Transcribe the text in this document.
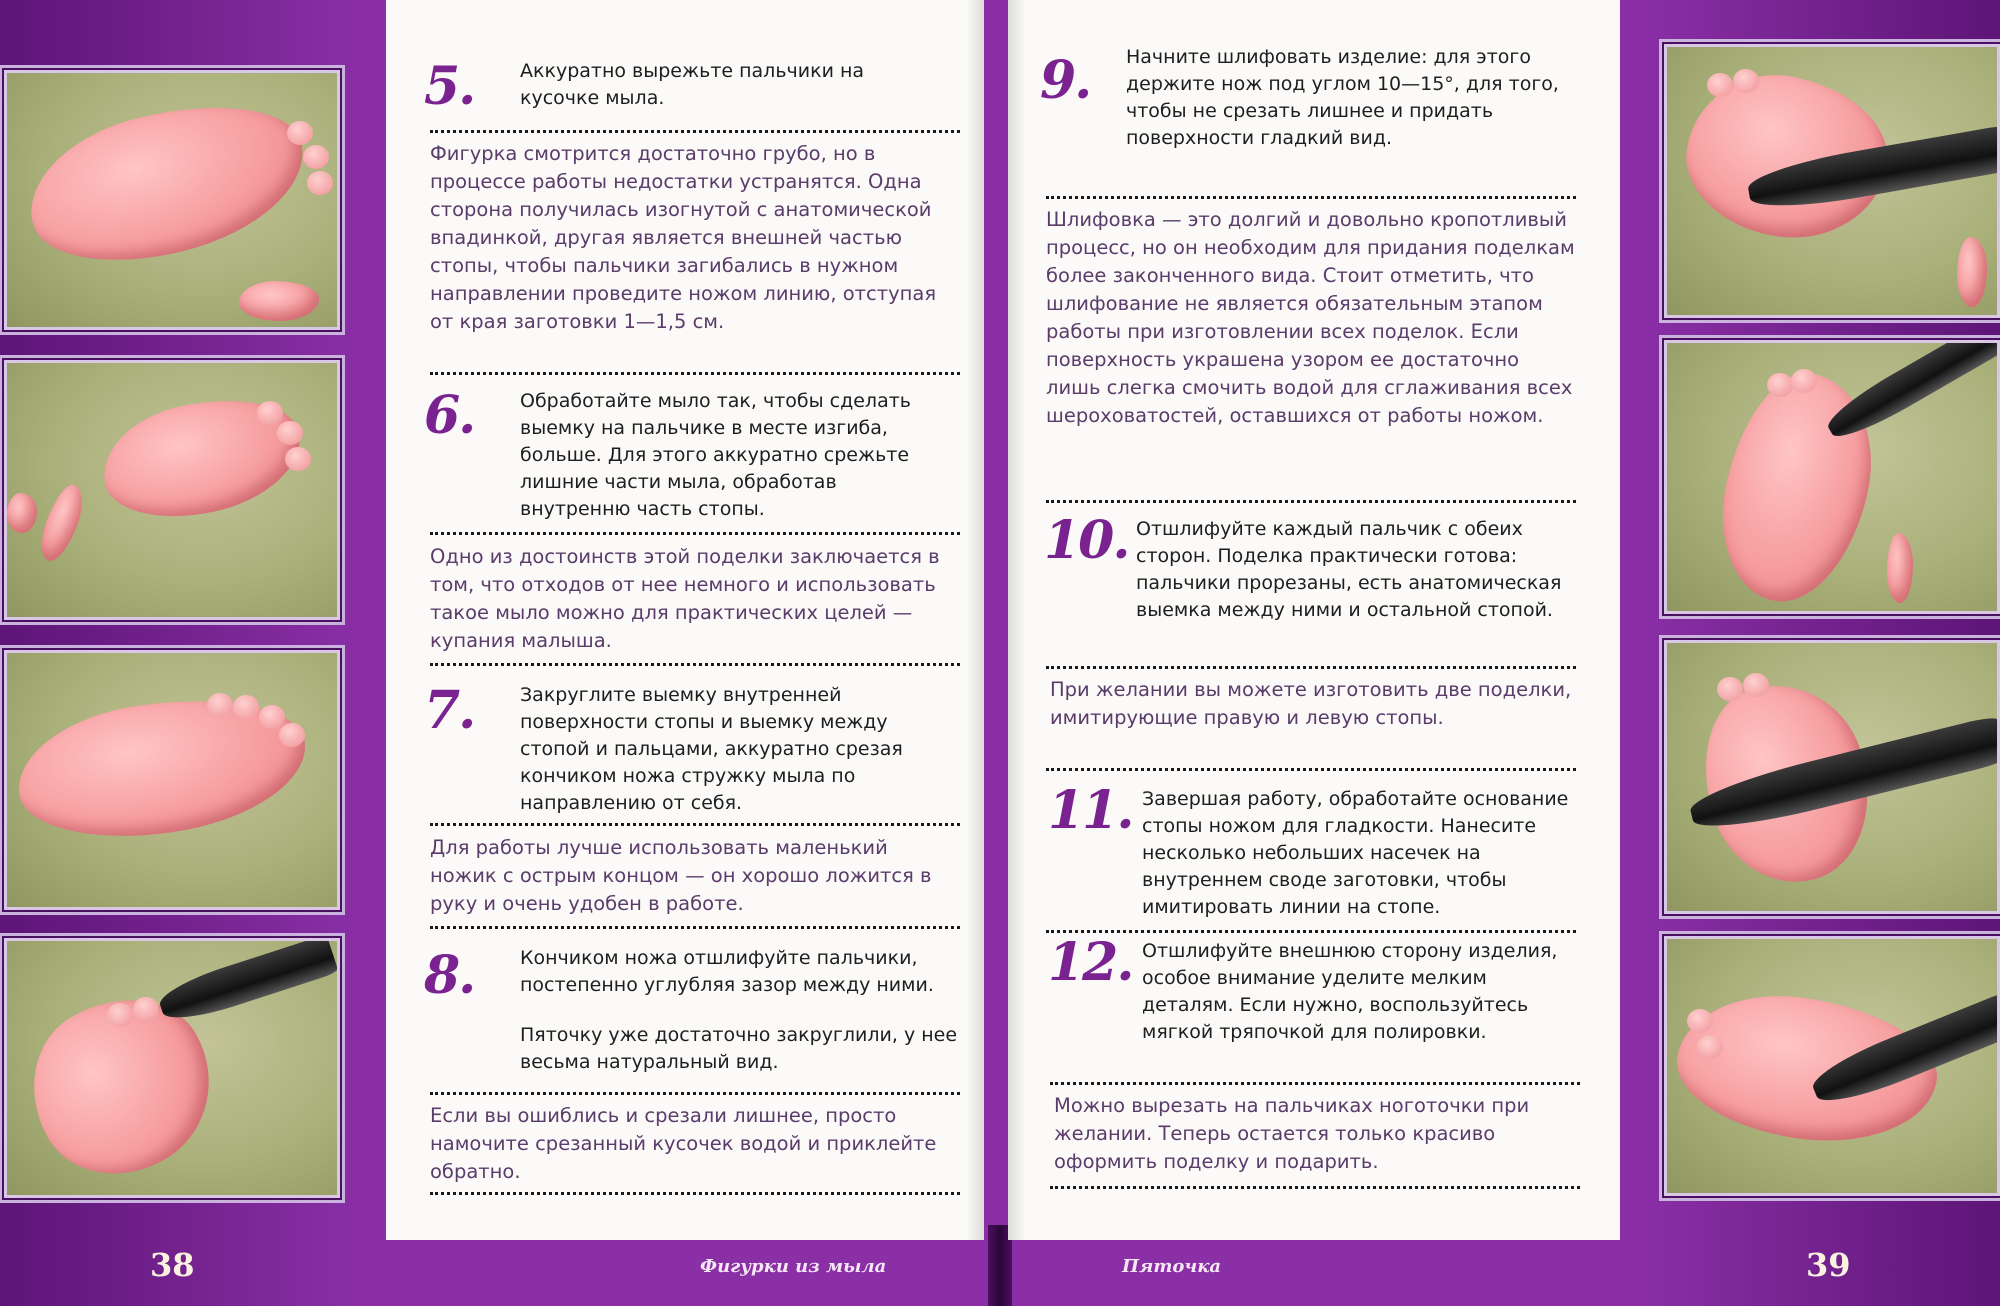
5. Аккуратно вырежьте пальчики на кусочке мыла.
Фигурка смотрится достаточно грубо, но в процессе работы недостатки устранятся. Одна сторона получилась изогнутой с анатомической впадинкой, другая является внешней частью стопы, чтобы пальчики загибались в нужном направлении проведите ножом линию, отступая от края заготовки 1—1,5 см.
6. Обработайте мыло так, чтобы сделать выемку на пальчике в месте изгиба, больше. Для этого аккуратно срежьте лишние части мыла, обработав внутренню часть стопы.
Одно из достоинств этой поделки заключается в том, что отходов от нее немного и использовать такое мыло можно для практических целей — купания малыша.
7. Закруглите выемку внутренней поверхности стопы и выемку между стопой и пальцами, аккуратно срезая кончиком ножа стружку мыла по направлению от себя.
Для работы лучше использовать маленький ножик с острым концом — он хорошо ложится в руку и очень удобен в работе.
8. Кончиком ножа отшлифуйте пальчики, постепенно углубляя зазор между ними.
Пяточку уже достаточно закруглили, у нее весьма натуральный вид.
Если вы ошиблись и срезали лишнее, просто намочите срезанный кусочек водой и приклейте обратно.
9. Начните шлифовать изделие: для этого держите нож под углом 10—15°, для того, чтобы не срезать лишнее и придать поверхности гладкий вид.
Шлифовка — это долгий и довольно кропотливый процесс, но он необходим для придания поделкам более законченного вида. Стоит отметить, что шлифование не является обязательным этапом работы при изготовлении всех поделок. Если поверхность украшена узором ее достаточно лишь слегка смочить водой для сглаживания всех шероховатостей, оставшихся от работы ножом.
10. Отшлифуйте каждый пальчик с обеих сторон. Поделка практически готова: пальчики прорезаны, есть анатомическая выемка между ними и остальной стопой.
При желании вы можете изготовить две поделки, имитирующие правую и левую стопы.
11. Завершая работу, обработайте основание стопы ножом для гладкости. Нанесите несколько небольших насечек на внутреннем своде заготовки, чтобы имитировать линии на стопе.
12. Отшлифуйте внешнюю сторону изделия, особое внимание уделите мелким деталям. Если нужно, воспользуйтесь мягкой тряпочкой для полировки.
Можно вырезать на пальчиках ноготочки при желании. Теперь остается только красиво оформить поделку и подарить.
38	Фигурки из мыла	Пяточка	39
